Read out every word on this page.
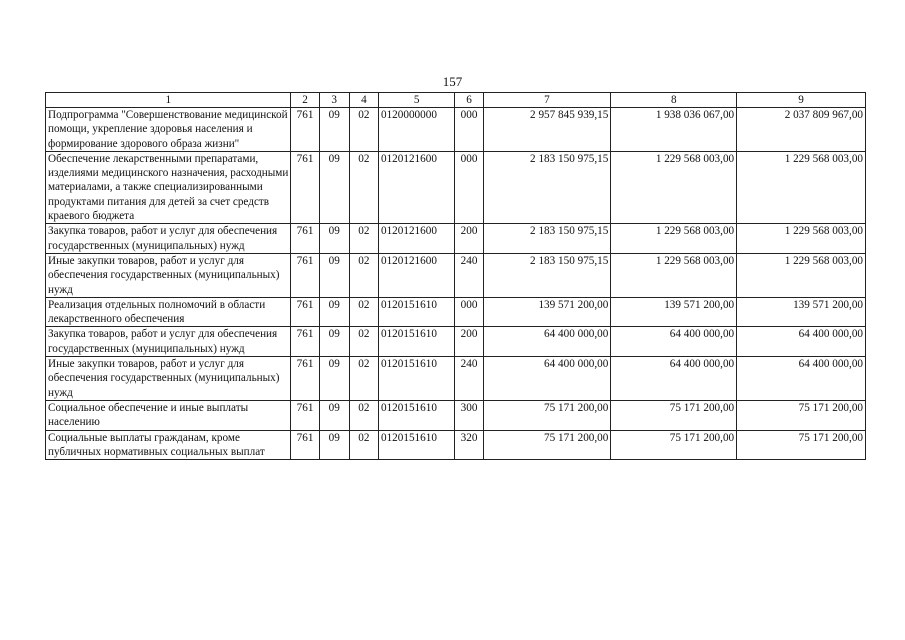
157
1	2	3	4	5	6	7	8	9
Подпрограмма "Совершенствование медицинской помощи, укрепление здоровья населения и формирование здорового образа жизни"	761	09	02	0120000000	000	2 957 845 939,15	1 938 036 067,00	2 037 809 967,00
Обеспечение лекарственными препаратами, изделиями медицинского назначения, расходными материалами, а также специализированными продуктами питания для детей за счет средств краевого бюджета	761	09	02	0120121600	000	2 183 150 975,15	1 229 568 003,00	1 229 568 003,00
Закупка товаров, работ и услуг для обеспечения государственных (муниципальных) нужд	761	09	02	0120121600	200	2 183 150 975,15	1 229 568 003,00	1 229 568 003,00
Иные закупки товаров, работ и услуг для обеспечения государственных (муниципальных) нужд	761	09	02	0120121600	240	2 183 150 975,15	1 229 568 003,00	1 229 568 003,00
Реализация отдельных полномочий в области лекарственного обеспечения	761	09	02	0120151610	000	139 571 200,00	139 571 200,00	139 571 200,00
Закупка товаров, работ и услуг для обеспечения государственных (муниципальных) нужд	761	09	02	0120151610	200	64 400 000,00	64 400 000,00	64 400 000,00
Иные закупки товаров, работ и услуг для обеспечения государственных (муниципальных) нужд	761	09	02	0120151610	240	64 400 000,00	64 400 000,00	64 400 000,00
Социальное обеспечение и иные выплаты населению	761	09	02	0120151610	300	75 171 200,00	75 171 200,00	75 171 200,00
Социальные выплаты гражданам, кроме публичных нормативных социальных выплат	761	09	02	0120151610	320	75 171 200,00	75 171 200,00	75 171 200,00
